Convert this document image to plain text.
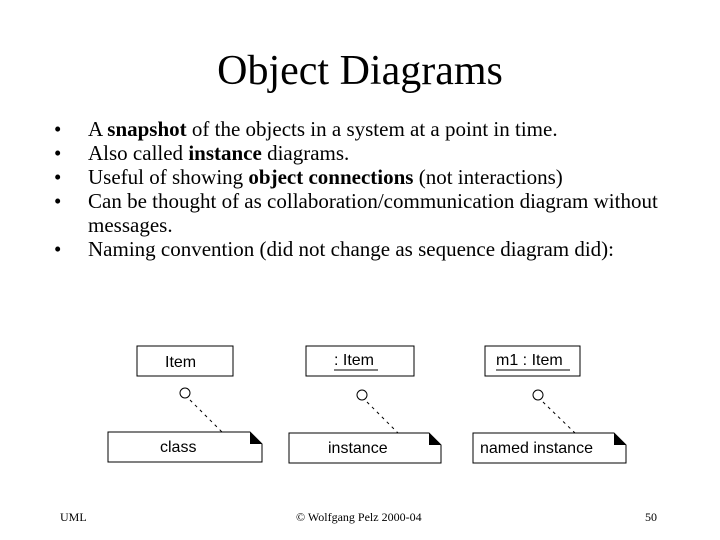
Object Diagrams
• A snapshot of the objects in a system at a point in time.
• Also called instance diagrams.
• Useful of showing object connections (not interactions)
• Can be thought of as collaboration/communication diagram without messages.
• Naming convention (did not change as sequence diagram did):
Item	: Item	m1 : Item
class	instance	named instance
UML	© Wolfgang Pelz 2000-04	50
